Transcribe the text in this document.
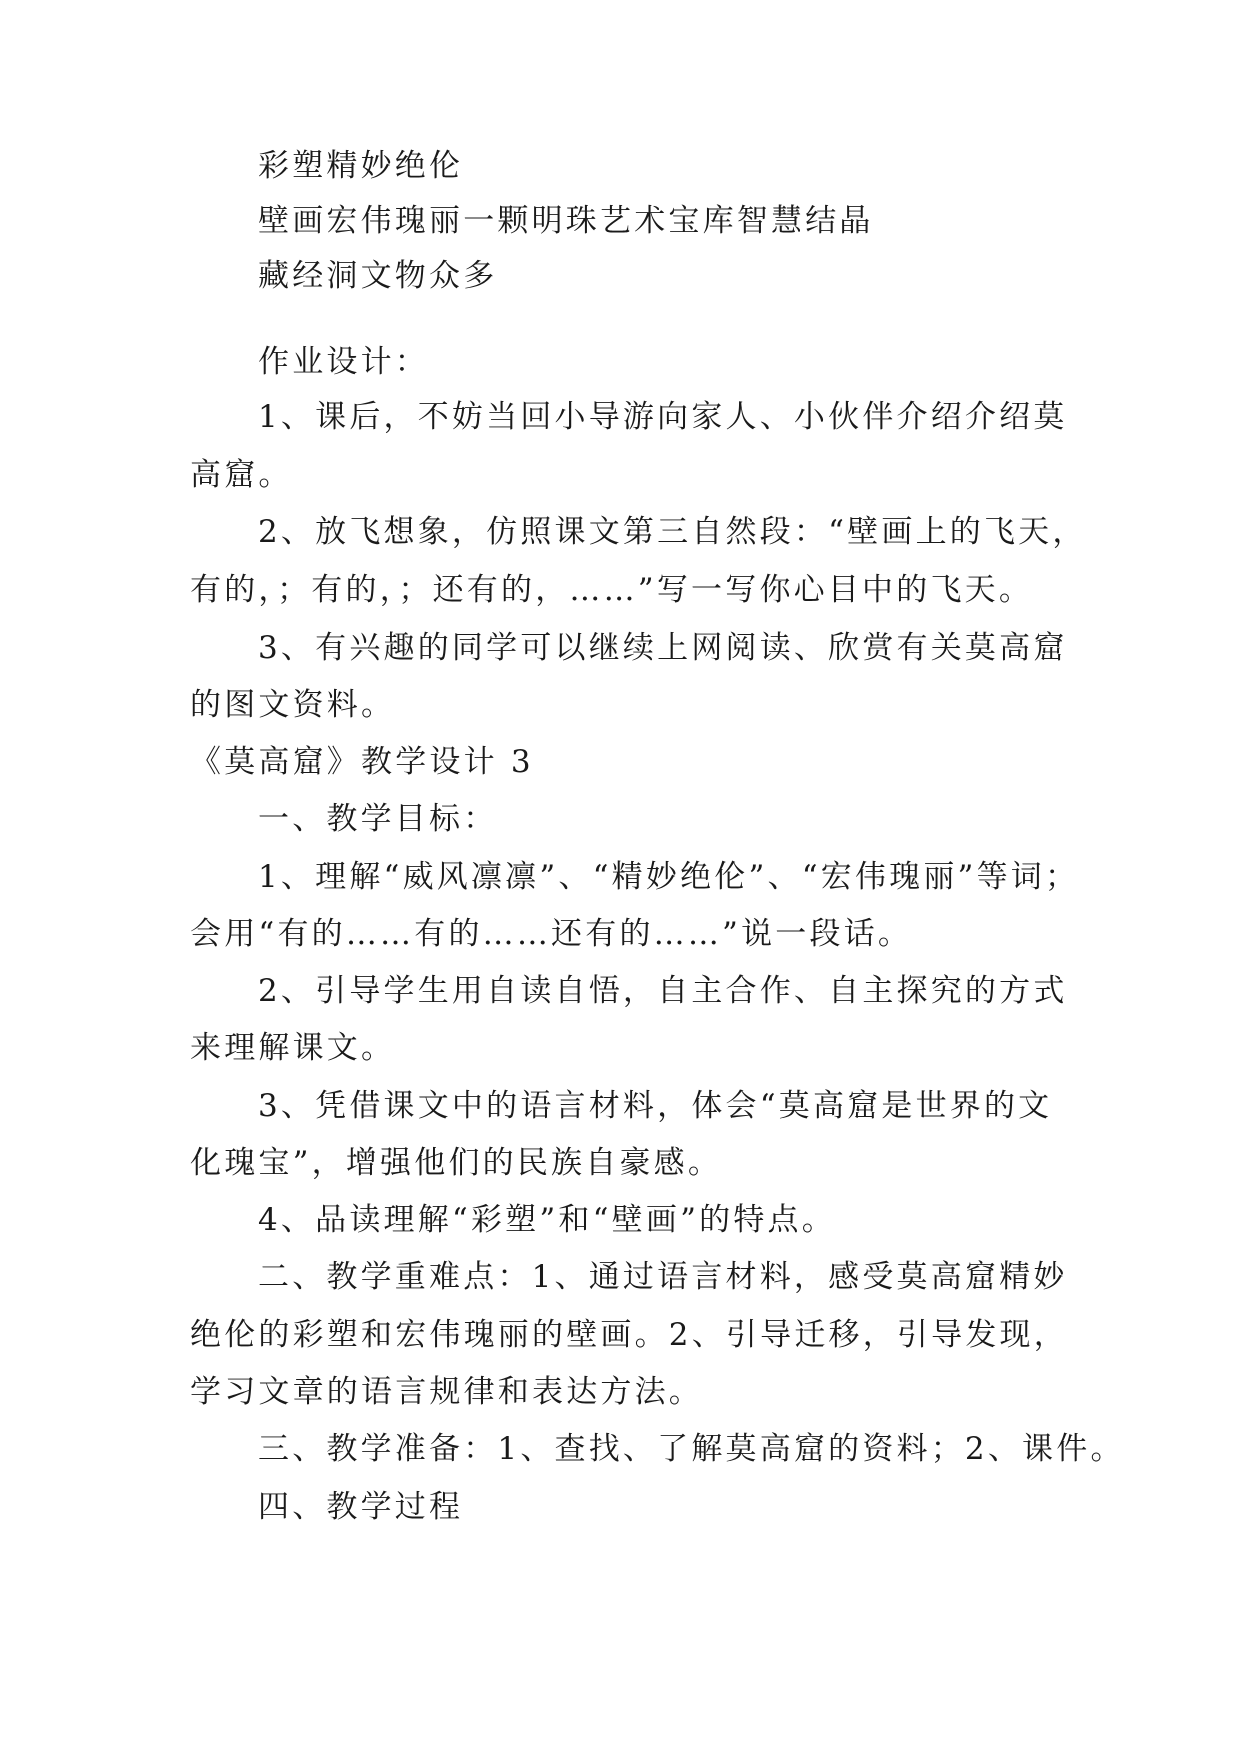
彩塑精妙绝伦
壁画宏伟瑰丽一颗明珠艺术宝库智慧结晶
藏经洞文物众多
作业设计：
1、课后，不妨当回小导游向家人、小伙伴介绍介绍莫
高窟。
2、放飞想象，仿照课文第三自然段：“壁画上的飞天，
有的，；有的，；还有的，……”写一写你心目中的飞天。
3、有兴趣的同学可以继续上网阅读、欣赏有关莫高窟
的图文资料。
《莫高窟》教学设计 3
一、教学目标：
1、理解“威风凛凛”、“精妙绝伦”、“宏伟瑰丽”等词；
会用“有的……有的……还有的……”说一段话。
2、引导学生用自读自悟，自主合作、自主探究的方式
来理解课文。
3、凭借课文中的语言材料，体会“莫高窟是世界的文
化瑰宝”，增强他们的民族自豪感。
4、品读理解“彩塑”和“壁画”的特点。
二、教学重难点：1、通过语言材料，感受莫高窟精妙
绝伦的彩塑和宏伟瑰丽的壁画。2、引导迁移，引导发现，
学习文章的语言规律和表达方法。
三、教学准备：1、查找、了解莫高窟的资料；2、课件。
四、教学过程
